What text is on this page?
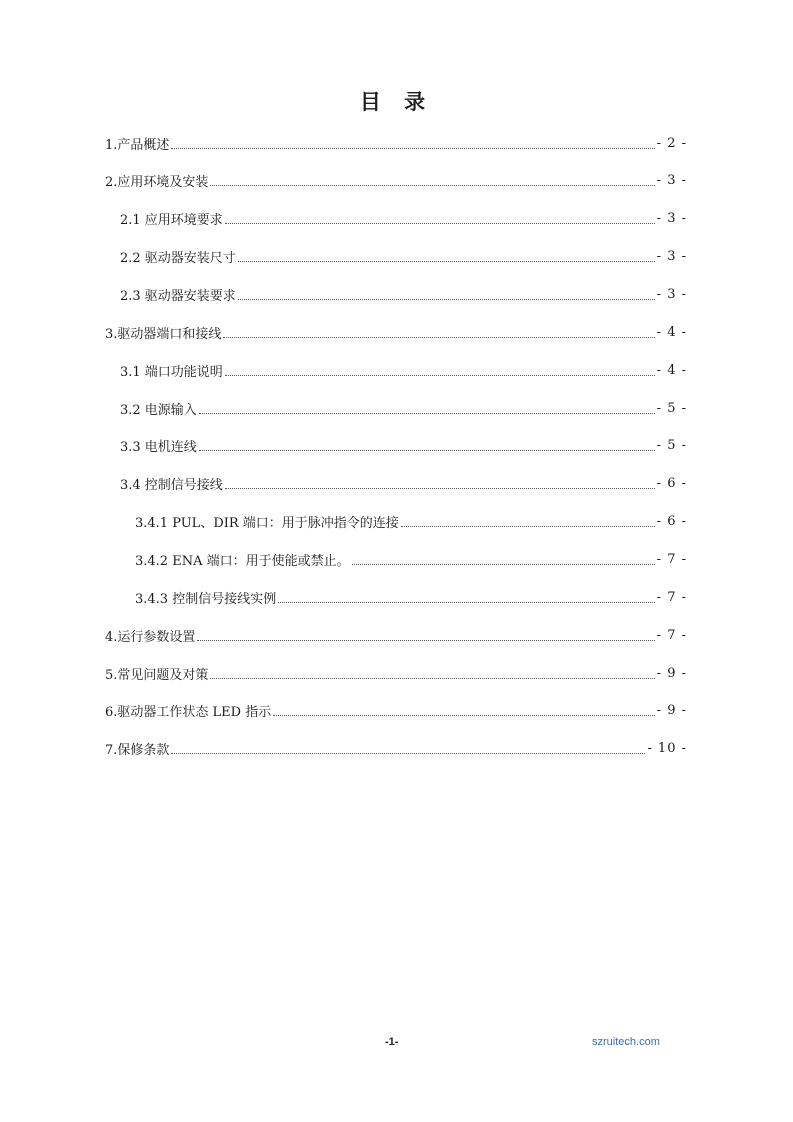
目 录
1.产品概述	- 2 -
2.应用环境及安装	- 3 -
2.1 应用环境要求	- 3 -
2.2 驱动器安装尺寸	- 3 -
2.3 驱动器安装要求	- 3 -
3.驱动器端口和接线	- 4 -
3.1 端口功能说明	- 4 -
3.2 电源输入	- 5 -
3.3 电机连线	- 5 -
3.4 控制信号接线	- 6 -
3.4.1 PUL、DIR 端口：用于脉冲指令的连接	- 6 -
3.4.2 ENA 端口：用于使能或禁止。	- 7 -
3.4.3 控制信号接线实例	- 7 -
4.运行参数设置	- 7 -
5.常见问题及对策	- 9 -
6.驱动器工作状态 LED 指示	- 9 -
7.保修条款	- 10 -
-1-	szruitech.com
